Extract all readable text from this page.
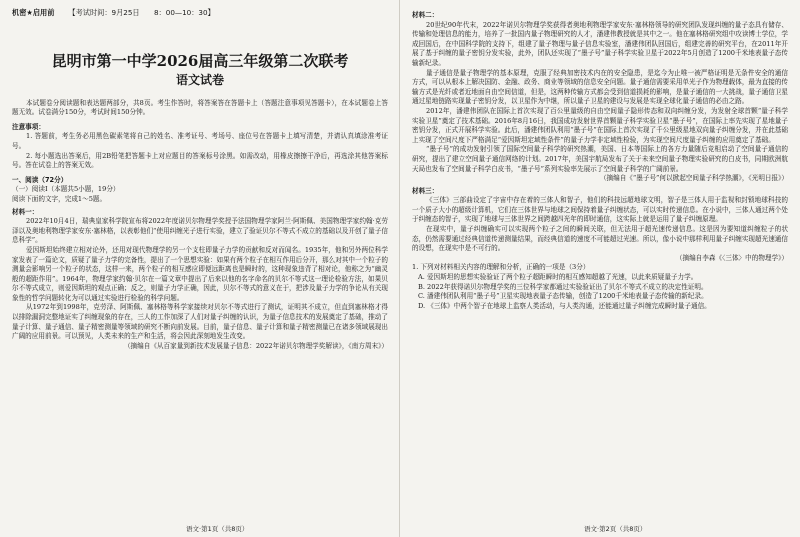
机密★启用前 【考试时间：9月25日　　8：00—10：30】
昆明市第一中学2026届高三年级第二次联考
语文试卷

本试题卷分阅读题和表达题两部分，共8页。考生作答时，将答案答在答题卡上（答题注意事项见答题卡），在本试题卷上答题无效。试卷满分150分，考试时间150分钟。

注意事项：

1. 答题前，考生务必用黑色碳素笔将自己的姓名、准考证号、考场号、座位号在答题卡上填写清楚，并请认真填涂准考证号。

2. 每小题选出答案后，用2B铅笔把答题卡上对应题目的答案标号涂黑。如需改动，用橡皮擦擦干净后，再选涂其他答案标号。答在试卷上的答案无效。

一、阅读（72分）

（一）阅读Ⅰ（本题共5小题，19分）

阅读下面的文字，完成1～5题。

材料一：

2022年10月4日，瑞典皇家科学院宣布将2022年度诺贝尔物理学奖授予法国物理学家阿兰·阿斯佩、美国物理学家约翰·克劳泽以及奥地利物理学家安东·塞林格，以表彰他们“使用纠缠光子进行实验，建立了验证贝尔不等式不成立的基础以及开创了量子信息科学”。

爱因斯坦始终建立相对论外，还用对现代物理学的另一个支柱即量子力学的贡献和反对而闻名。1935年，他和另外两位科学家发表了一篇论文，质疑了量子力学的完备性，提出了一个思想实验：如果有两个粒子在相互作用后分开，那么对其中一个粒子的测量会影响另一个粒子的状态，这样一来，两个粒子的相互感应即便远距离也是瞬时的，这种现象违背了相对论，他称之为“幽灵般的超距作用”。1964年，物理学家约翰·贝尔在一篇文章中提出了后来以他的名字命名的贝尔不等式这一理论检验方法，如果贝尔不等式成立，则爱因斯坦的观点正确；反之，则量子力学正确，因此，贝尔不等式的意义在于，把涉及量子力学的争论从有关现象性的哲学问题转化为可以通过实验进行检验的科学问题。

从1972年到1998年，克劳泽、阿斯佩、塞林格等科学家接续对贝尔不等式进行了测试，证明其不成立，但直到塞林格才得以排除漏洞完整地证实了纠缠现象的存在，三人的工作加深了人们对量子纠缠的认识，为量子信息技术的发展奠定了基础，推动了量子计算、量子通信、量子精密测量等领域的研究不断向前发展。目前，量子信息、量子计算和量子精密测量已在诸多领域展现出广阔的应用前景。可以预见，人类未来的生产和生活，将会因此深刻地发生改变。

（摘编自《从百家量到新技术发展量子信息：2022年诺贝尔物理学奖解读》，《南方周末》）

材料二：

20世纪90年代末，2022年诺贝尔物理学奖获得者奥地利物理学家安东·塞林格领导的研究团队发现纠缠的量子态具有储存、传输和处理信息的能力，培养了一批国内量子物理研究的人才，潘建伟教授就是其中之一。他在塞林格研究组中攻读博士学位，学成回国后，在中国科学院的支持下，组建了量子物理与量子信息实验室，潘建伟团队回国后，组建完善的研究平台，在2011年开展了基于纠缠的量子密钥分发实验，此外，团队还实现了“墨子号”量子科学实验卫星于2022年5月创造了1200千米地表量子态传输新纪录。

量子通信是量子物理学的基本原理，克服了经典加密技术内在的安全隐患，是迄今为止唯一被严格证明是无条件安全的通信方式，可以从根本上解决国防、金融、政务、商业等领域的信息安全问题。量子通信需要采用单光子作为物理载体，最为直接的传输方式是光纤或者近地面自由空间信道，但是，这两种传输方式都会受到信道损耗的影响，是量子通信的一大挑战，量子通信卫星通过星地链路实现量子密钥分发，以卫星作为中继，所以量子卫星的建设与发展是实现全球化量子通信的必由之路。

2012年，潘建伟团队在国际上首次实现了百公里量级的自由空间量子隐形传态和双向纠缠分发，为发射全球首颗“量子科学实验卫星”奠定了技术基础。2016年8月16日，我国成功发射世界首颗量子科学实验卫星“墨子号”，在国际上率先实现了星地量子密钥分发，正式开展科学实验。此后，潘建伟团队利用“墨子号”在国际上首次实现了千公里级星地双向量子纠缠分发，并在此基础上实现了空间尺度下严格满足“爱因斯坦定域性条件”的量子力学非定域性检验，为实现空间尺度量子纠缠的应用奠定了基础。

“墨子号”的成功发射引领了国际空间量子科学的研究热潮，美国、日本等国际上的各方力量随后竞相启动了空间量子通信的研究，提出了建立空间量子通信网络的计划。2017年，美国宇航局发布了关于未来空间量子物理实验研究的白皮书，同期欧洲航天局也发布了空间量子科学白皮书，“墨子号”系列实验率先展示了空间量子科学的广阔前景。

（摘编自《“墨子号”何以掀起空间量子科学热潮》，《光明日报》）

材料三：

《三体》三部曲设定了宇宙中存在着的三体人和智子，他们的科技远超地球文明，智子是三体人用于监视和封锁地球科技的一个质子大小的超级计算机，它们在三体世界与地球之间保持着量子纠缠状态，可以实时传递信息。在小说中，三体人通过两个处于纠缠态的智子，实现了地球与三体世界之间跨越四光年的即时通信，这实际上就是运用了量子纠缠原理。

在现实中，量子纠缠确实可以实现两个粒子之间的瞬间关联，但无法用于超光速传递信息。这是因为要知道纠缠粒子的状态，仍然需要通过经典信道传递测量结果，而经典信道的速度不可能超过光速。所以，像小说中那样利用量子纠缠实现超光速通信的设想，在现实中是不可行的。

（摘编自李森《〈三体〉中的物理学》）

1. 下列对材料相关内容的理解和分析，正确的一项是（3分）

A. 爱因斯坦的思想实验验证了两个粒子超距瞬时的相互感知超越了光速，以此来质疑量子力学。

B. 2022年获得诺贝尔物理学奖的三位科学家都通过实验验证出了贝尔不等式不成立的决定性证明。

C. 潘建伟团队利用“墨子号”卫星实现地表量子态传输，创造了1200千米地表量子态传输的新纪录。

D. 《三体》中两个智子在地球上监察人类活动，与人类沟通，还能通过量子纠缠完成瞬时量子通信。

语文·第1页（共8页）	语文·第2页（共8页）
